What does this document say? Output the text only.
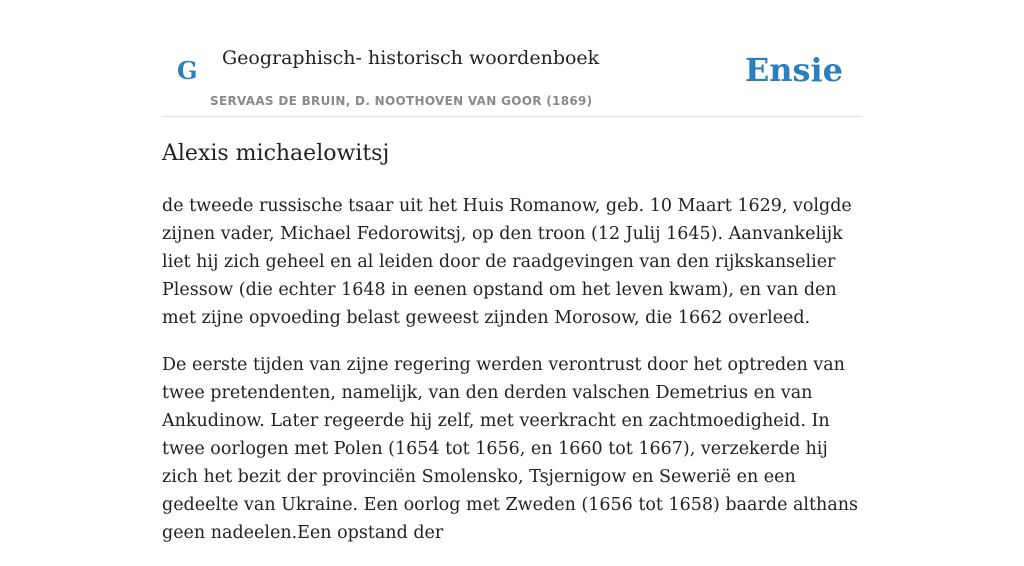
G Geographisch- historisch woordenboek
SERVAAS DE BRUIN, D. NOOTHOVEN VAN GOOR (1869)
Ensie
Alexis michaelowitsj

de tweede russische tsaar uit het Huis Romanow, geb. 10 Maart 1629, volgde zijnen vader, Michael Fedorowitsj, op den troon (12 Julij 1645). Aanvankelijk liet hij zich geheel en al leiden door de raadgevingen van den rijkskanselier Plessow (die echter 1648 in eenen opstand om het leven kwam), en van den met zijne opvoeding belast geweest zijnden Morosow, die 1662 overleed.

De eerste tijden van zijne regering werden verontrust door het optreden van twee pretendenten, namelijk, van den derden valschen Demetrius en van Ankudinow. Later regeerde hij zelf, met veerkracht en zachtmoedigheid. In twee oorlogen met Polen (1654 tot 1656, en 1660 tot 1667), verzekerde hij zich het bezit der provinciën Smolensko, Tsjernigow en Seweriё en een gedeelte van Ukraine. Een oorlog met Zweden (1656 tot 1658) baarde althans geen nadeelen.Een opstand der
